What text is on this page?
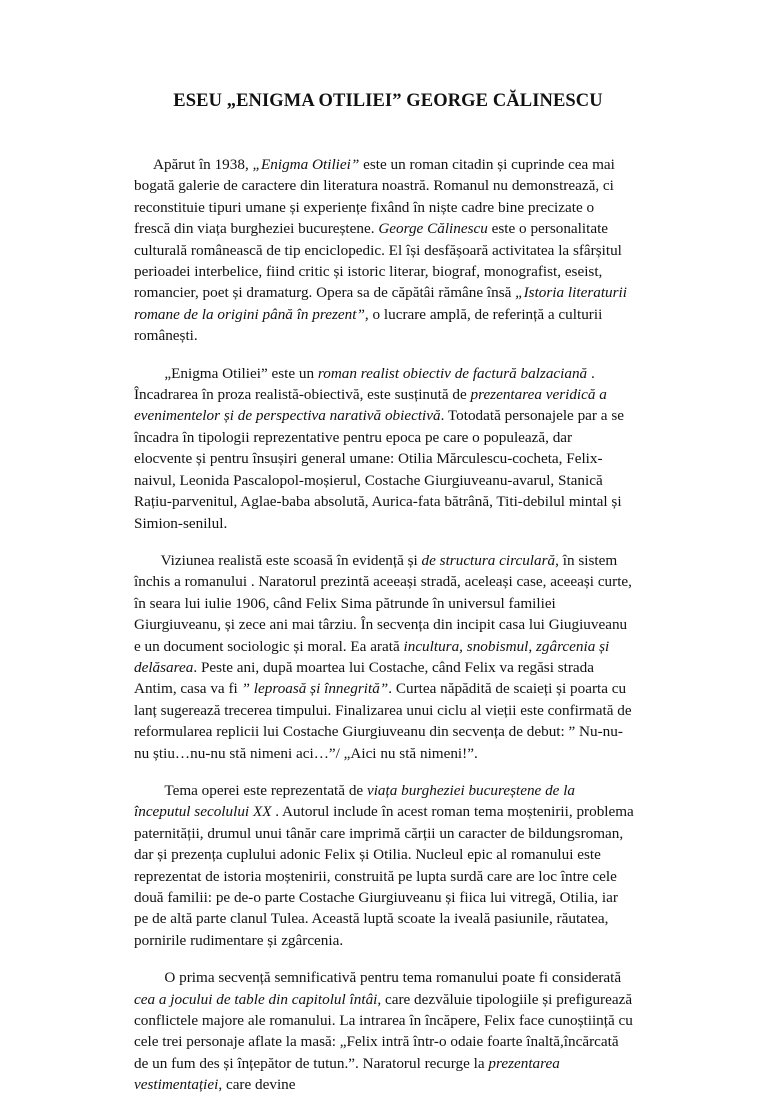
ESEU „ENIGMA OTILIEI” GEORGE CĂLINESCU

Apărut în 1938, „Enigma Otiliei” este un roman citadin și cuprinde cea mai bogată galerie de caractere din literatura noastră. Romanul nu demonstrează, ci reconstituie tipuri umane și experiențe fixând în niște cadre bine precizate o frescă din viața burgheziei bucureștene. George Călinescu este o personalitate culturală românească de tip enciclopedic. El își desfășoară activitatea la sfârșitul perioadei interbelice, fiind critic și istoric literar, biograf, monografist, eseist, romancier, poet și dramaturg. Opera sa de căpătâi rămâne însă „Istoria literaturii romane de la origini până în prezent”, o lucrare amplă, de referință a culturii românești.

„Enigma Otiliei” este un roman realist obiectiv de factură balzaciană . Încadrarea în proza realistă-obiectivă, este susținută de prezentarea veridică a evenimentelor și de perspectiva narativă obiectivă. Totodată personajele par a se încadra în tipologii reprezentative pentru epoca pe care o populează, dar elocvente și pentru însușiri general umane: Otilia Mărculescu-cocheta, Felix-naivul, Leonida Pascalopol-moșierul, Costache Giurgiuveanu-avarul, Stanică Rațiu-parvenitul, Aglae-baba absolută, Aurica-fata bătrână, Titi-debilul mintal și Simion-senilul.

Viziunea realistă este scoasă în evidență și de structura circulară, în sistem închis a romanului . Naratorul prezintă aceeași stradă, aceleași case, aceeași curte, în seara lui iulie 1906, când Felix Sima pătrunde în universul familiei Giurgiuveanu, și zece ani mai târziu. În secvența din incipit casa lui Giugiuveanu e un document sociologic și moral. Ea arată incultura, snobismul, zgârcenia și delăsarea. Peste ani, după moartea lui Costache, când Felix va regăsi strada Antim, casa va fi ” leproasă și înnegrită”. Curtea năpădită de scaieți și poarta cu lanț sugerează trecerea timpului. Finalizarea unui ciclu al vieții este confirmată de reformularea replicii lui Costache Giurgiuveanu din secvența de debut: ” Nu-nu-nu știu…nu-nu stă nimeni aci…”/ „Aici nu stă nimeni!”.

Tema operei este reprezentată de viața burgheziei bucureștene de la începutul secolului XX . Autorul include în acest roman tema moștenirii, problema paternității, drumul unui tânăr care imprimă cărții un caracter de bildungsroman, dar și prezența cuplului adonic Felix și Otilia. Nucleul epic al romanului este reprezentat de istoria moștenirii, construită pe lupta surdă care are loc între cele două familii: pe de-o parte Costache Giurgiuveanu și fiica lui vitregă, Otilia, iar pe de altă parte clanul Tulea. Această luptă scoate la iveală pasiunile, răutatea, pornirile rudimentare și zgârcenia.

O prima secvență semnificativă pentru tema romanului poate fi considerată cea a jocului de table din capitolul întâi, care dezvăluie tipologiile și prefigurează conflictele majore ale romanului. La intrarea în încăpere, Felix face cunoștiință cu cele trei personaje aflate la masă: „Felix intră într-o odaie foarte înaltă,încărcată de un fum des și înțepător de tutun.”. Naratorul recurge la prezentarea vestimentației, care devine
